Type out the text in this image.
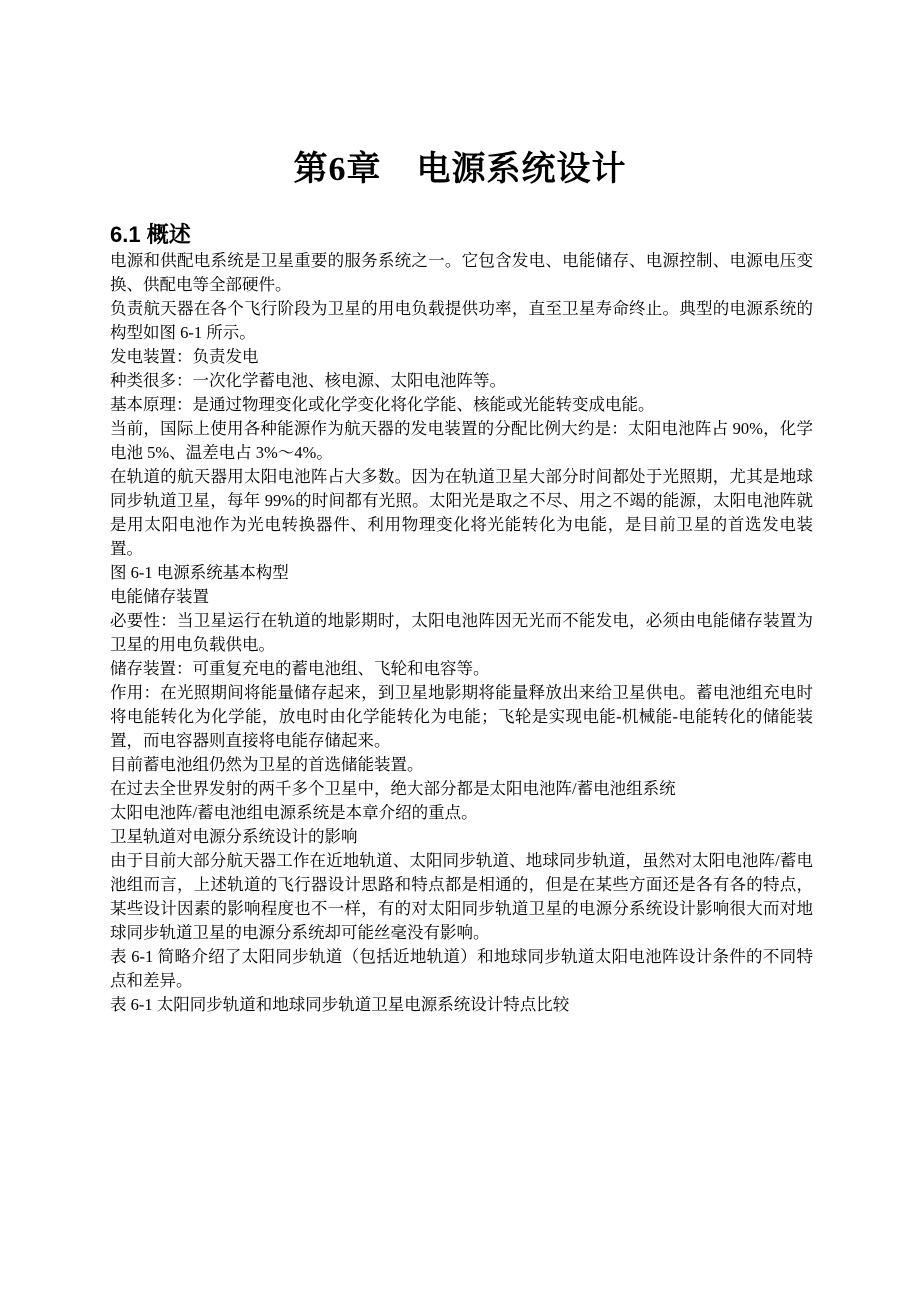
第6章　电源系统设计
6.1 概述

电源和供配电系统是卫星重要的服务系统之一。它包含发电、电能储存、电源控制、电源电压变换、供配电等全部硬件。

负责航天器在各个飞行阶段为卫星的用电负载提供功率，直至卫星寿命终止。典型的电源系统的构型如图 6-1 所示。

发电装置：负责发电

种类很多：一次化学蓄电池、核电源、太阳电池阵等。

基本原理：是通过物理变化或化学变化将化学能、核能或光能转变成电能。

当前，国际上使用各种能源作为航天器的发电装置的分配比例大约是：太阳电池阵占 90%，化学电池 5%、温差电占 3%～4%。

在轨道的航天器用太阳电池阵占大多数。因为在轨道卫星大部分时间都处于光照期，尤其是地球同步轨道卫星，每年 99%的时间都有光照。太阳光是取之不尽、用之不竭的能源，太阳电池阵就是用太阳电池作为光电转换器件、利用物理变化将光能转化为电能，是目前卫星的首选发电装置。

图 6-1 电源系统基本构型

电能储存装置

必要性：当卫星运行在轨道的地影期时，太阳电池阵因无光而不能发电，必须由电能储存装置为卫星的用电负载供电。

储存装置：可重复充电的蓄电池组、飞轮和电容等。

作用：在光照期间将能量储存起来，到卫星地影期将能量释放出来给卫星供电。蓄电池组充电时将电能转化为化学能，放电时由化学能转化为电能；飞轮是实现电能-机械能-电能转化的储能装置，而电容器则直接将电能存储起来。

目前蓄电池组仍然为卫星的首选储能装置。

在过去全世界发射的两千多个卫星中，绝大部分都是太阳电池阵/蓄电池组系统

太阳电池阵/蓄电池组电源系统是本章介绍的重点。

卫星轨道对电源分系统设计的影响

由于目前大部分航天器工作在近地轨道、太阳同步轨道、地球同步轨道，虽然对太阳电池阵/蓄电池组而言，上述轨道的飞行器设计思路和特点都是相通的，但是在某些方面还是各有各的特点，某些设计因素的影响程度也不一样，有的对太阳同步轨道卫星的电源分系统设计影响很大而对地球同步轨道卫星的电源分系统却可能丝毫没有影响。

表 6-1 简略介绍了太阳同步轨道（包括近地轨道）和地球同步轨道太阳电池阵设计条件的不同特点和差异。

表 6-1 太阳同步轨道和地球同步轨道卫星电源系统设计特点比较
